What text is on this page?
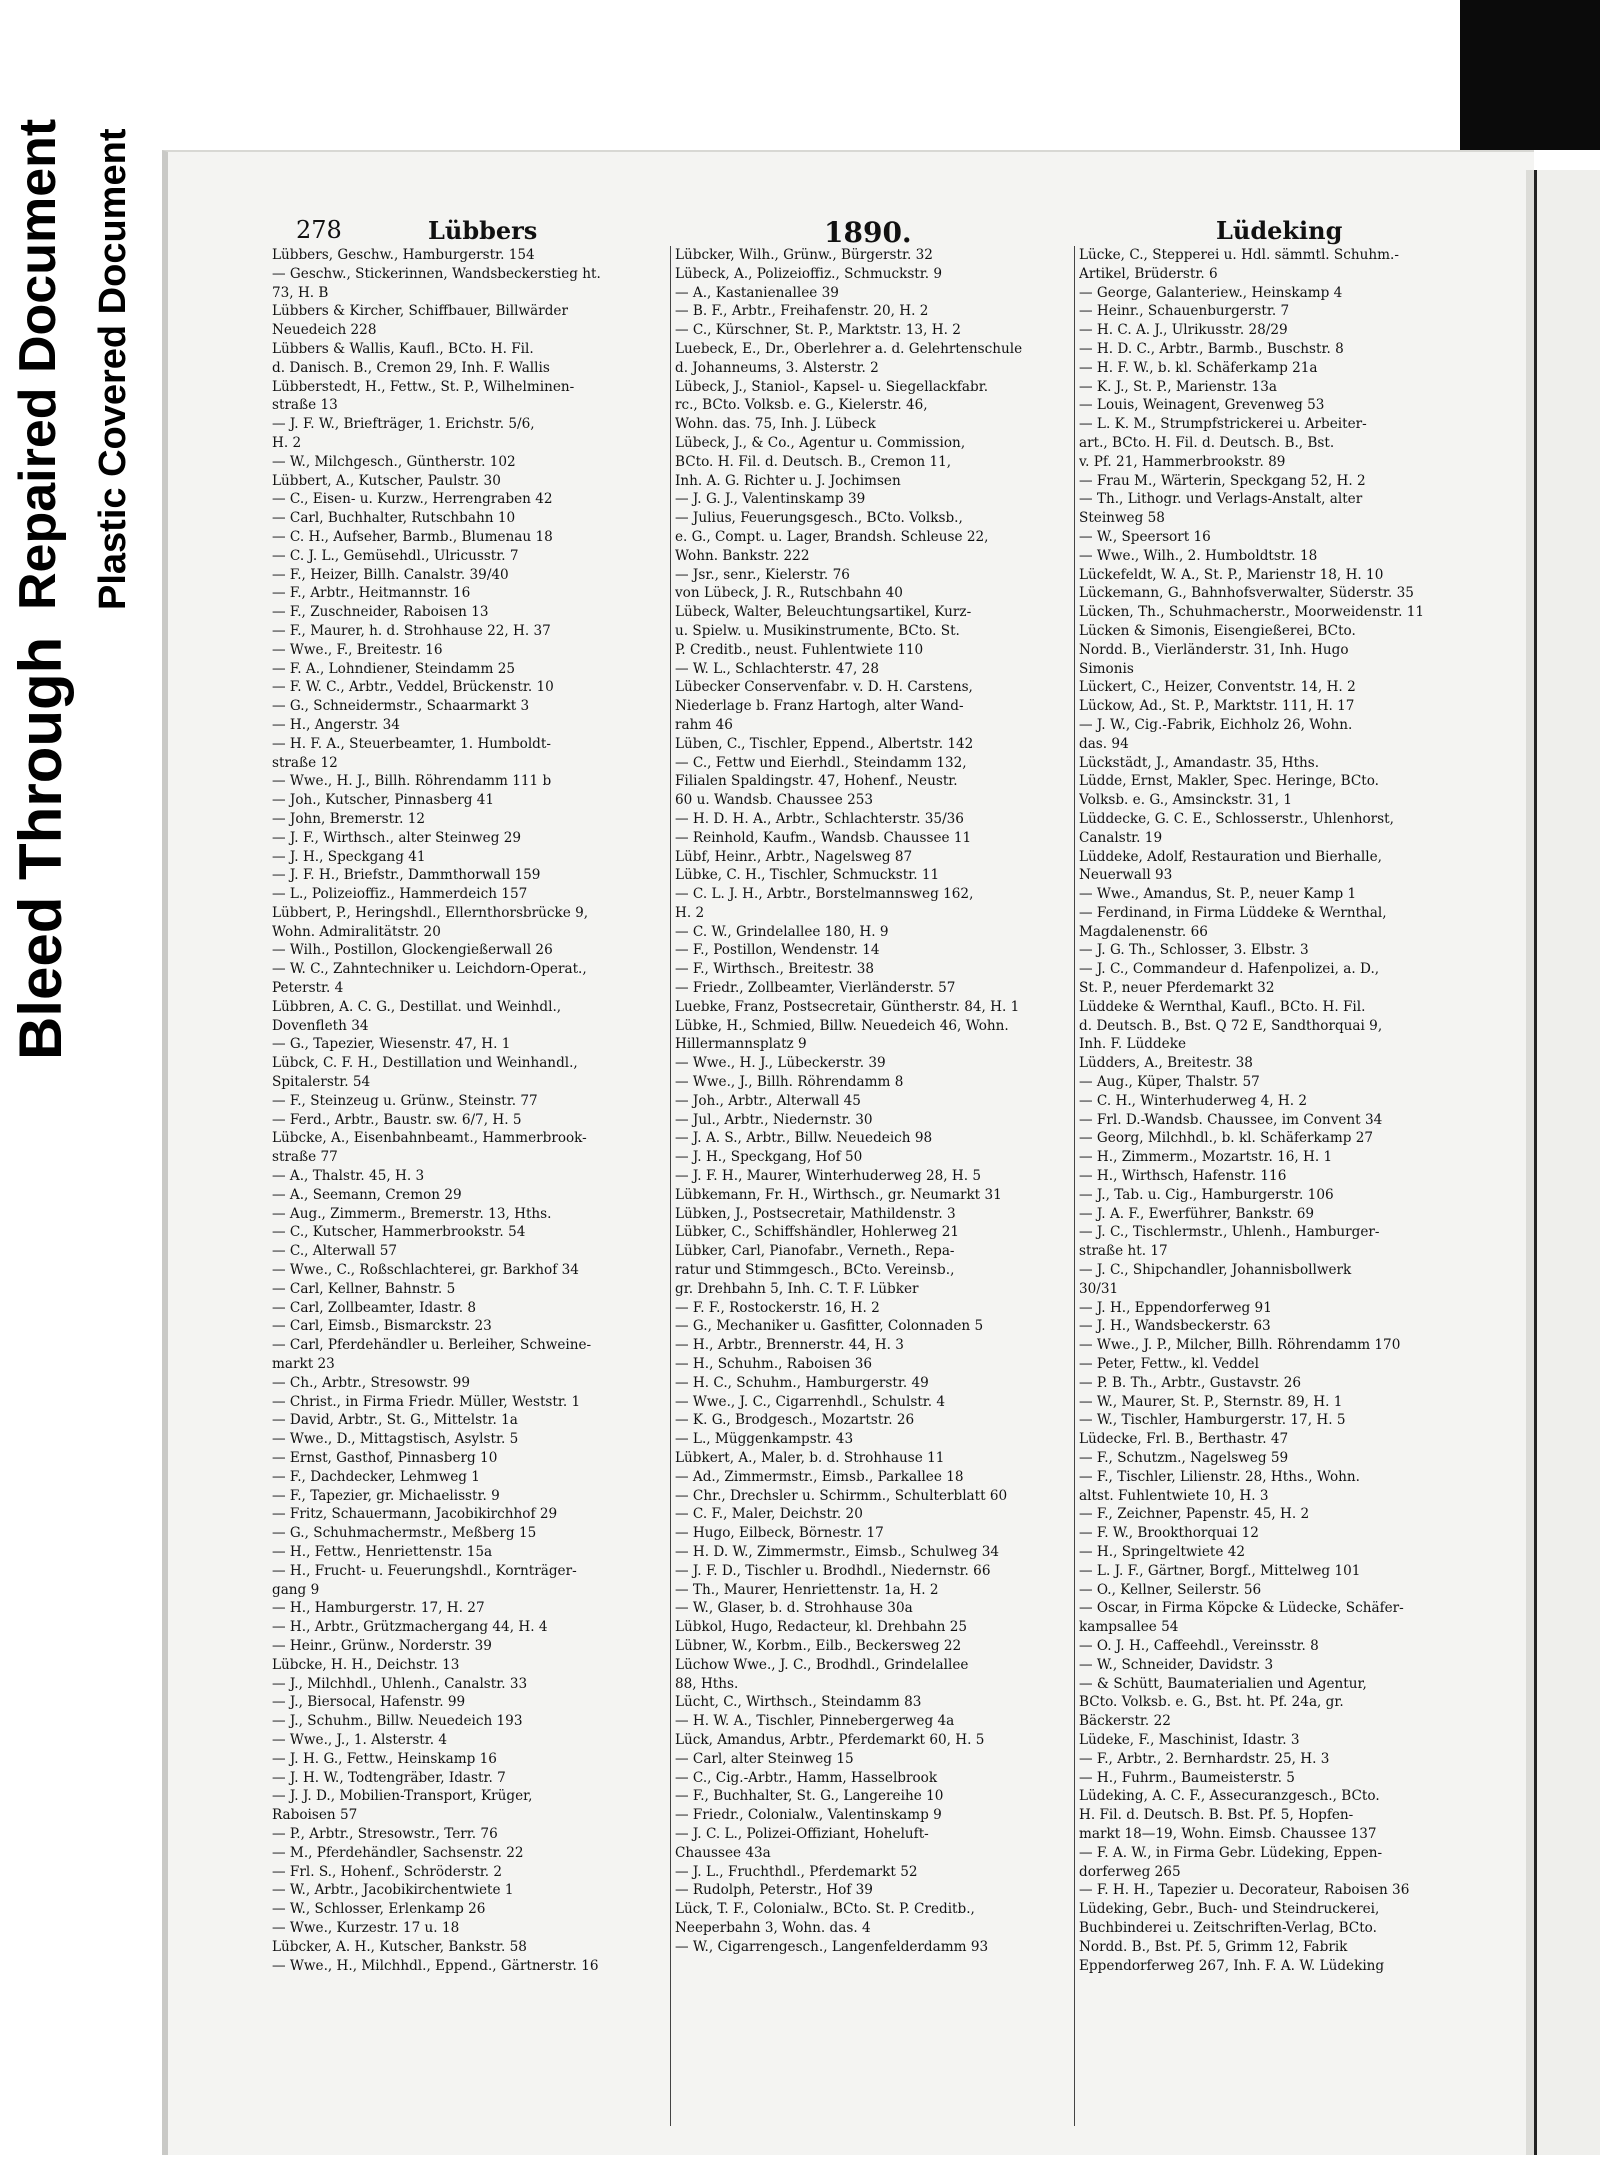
Bleed Through
Repaired Document Plastic Covered Document	278	Lübbers	1890.	Lüdeking
Lübbers, Geschw., Hamburgerstr. 154
— Geschw., Stickerinnen, Wandsbeckerstieg ht.
73, H. B
Lübbers & Kircher, Schiffbauer, Billwärder
Neuedeich 228
Lübbers & Wallis, Kaufl., BCto. H. Fil.
d. Danisch. B., Cremon 29, Inh. F. Wallis
Lübberstedt, H., Fettw., St. P., Wilhelminen-
straße 13
— J. F. W., Briefträger, 1. Erichstr. 5/6,
H. 2
— W., Milchgesch., Güntherstr. 102
Lübbert, A., Kutscher, Paulstr. 30
— C., Eisen- u. Kurzw., Herrengraben 42
— Carl, Buchhalter, Rutschbahn 10
— C. H., Aufseher, Barmb., Blumenau 18
— C. J. L., Gemüsehdl., Ulricusstr. 7
— F., Heizer, Billh. Canalstr. 39/40
— F., Arbtr., Heitmannstr. 16
— F., Zuschneider, Raboisen 13
— F., Maurer, h. d. Strohhause 22, H. 37
— Wwe., F., Breitestr. 16
— F. A., Lohndiener, Steindamm 25
— F. W. C., Arbtr., Veddel, Brückenstr. 10
— G., Schneidermstr., Schaarmarkt 3
— H., Angerstr. 34
— H. F. A., Steuerbeamter, 1. Humboldt-
straße 12
— Wwe., H. J., Billh. Röhrendamm 111 b
— Joh., Kutscher, Pinnasberg 41
— John, Bremerstr. 12
— J. F., Wirthsch., alter Steinweg 29
— J. H., Speckgang 41
— J. F. H., Briefstr., Dammthorwall 159
— L., Polizeioffiz., Hammerdeich 157
Lübbert, P., Heringshdl., Ellernthorsbrücke 9,
Wohn. Admiralitätstr. 20
— Wilh., Postillon, Glockengießerwall 26
— W. C., Zahntechniker u. Leichdorn-Operat.,
Peterstr. 4
Lübbren, A. C. G., Destillat. und Weinhdl.,
Dovenfleth 34
— G., Tapezier, Wiesenstr. 47, H. 1
Lübck, C. F. H., Destillation und Weinhandl.,
Spitalerstr. 54
— F., Steinzeug u. Grünw., Steinstr. 77
— Ferd., Arbtr., Baustr. sw. 6/7, H. 5
Lübcke, A., Eisenbahnbeamt., Hammerbrook-
straße 77
— A., Thalstr. 45, H. 3
— A., Seemann, Cremon 29
— Aug., Zimmerm., Bremerstr. 13, Hths.
— C., Kutscher, Hammerbrookstr. 54
— C., Alterwall 57
— Wwe., C., Roßschlachterei, gr. Barkhof 34
— Carl, Kellner, Bahnstr. 5
— Carl, Zollbeamter, Idastr. 8
— Carl, Eimsb., Bismarckstr. 23
— Carl, Pferdehändler u. Berleiher, Schweine-
markt 23
— Ch., Arbtr., Stresowstr. 99
— Christ., in Firma Friedr. Müller, Weststr. 1
— David, Arbtr., St. G., Mittelstr. 1a
— Wwe., D., Mittagstisch, Asylstr. 5
— Ernst, Gasthof, Pinnasberg 10
— F., Dachdecker, Lehmweg 1
— F., Tapezier, gr. Michaelisstr. 9
— Fritz, Schauermann, Jacobikirchhof 29
— G., Schuhmachermstr., Meßberg 15
— H., Fettw., Henriettenstr. 15a
— H., Frucht- u. Feuerungshdl., Kornträger-
gang 9
— H., Hamburgerstr. 17, H. 27
— H., Arbtr., Grützmachergang 44, H. 4
— Heinr., Grünw., Norderstr. 39
Lübcke, H. H., Deichstr. 13
— J., Milchhdl., Uhlenh., Canalstr. 33
— J., Biersocal, Hafenstr. 99
— J., Schuhm., Billw. Neuedeich 193
— Wwe., J., 1. Alsterstr. 4
— J. H. G., Fettw., Heinskamp 16
— J. H. W., Todtengräber, Idastr. 7
— J. J. D., Mobilien-Transport, Krüger,
Raboisen 57
— P., Arbtr., Stresowstr., Terr. 76
— M., Pferdehändler, Sachsenstr. 22
— Frl. S., Hohenf., Schröderstr. 2
— W., Arbtr., Jacobikirchentwiete 1
— W., Schlosser, Erlenkamp 26
— Wwe., Kurzestr. 17 u. 18
Lübcker, A. H., Kutscher, Bankstr. 58
— Wwe., H., Milchhdl., Eppend., Gärtnerstr. 16
Lübcker, Wilh., Grünw., Bürgerstr. 32
Lübeck, A., Polizeioffiz., Schmuckstr. 9
— A., Kastanienallee 39
— B. F., Arbtr., Freihafenstr. 20, H. 2
— C., Kürschner, St. P., Marktstr. 13, H. 2
Luebeck, E., Dr., Oberlehrer a. d. Gelehrtenschule
d. Johanneums, 3. Alsterstr. 2
Lübeck, J., Staniol-, Kapsel- u. Siegellackfabr.
rc., BCto. Volksb. e. G., Kielerstr. 46,
Wohn. das. 75, Inh. J. Lübeck
Lübeck, J., & Co., Agentur u. Commission,
BCto. H. Fil. d. Deutsch. B., Cremon 11,
Inh. A. G. Richter u. J. Jochimsen
— J. G. J., Valentinskamp 39
— Julius, Feuerungsgesch., BCto. Volksb.,
e. G., Compt. u. Lager, Brandsh. Schleuse 22,
Wohn. Bankstr. 222
— Jsr., senr., Kielerstr. 76
von Lübeck, J. R., Rutschbahn 40
Lübeck, Walter, Beleuchtungsartikel, Kurz-
u. Spielw. u. Musikinstrumente, BCto. St.
P. Creditb., neust. Fuhlentwiete 110
— W. L., Schlachterstr. 47, 28
Lübecker Conservenfabr. v. D. H. Carstens,
Niederlage b. Franz Hartogh, alter Wand-
rahm 46
Lüben, C., Tischler, Eppend., Albertstr. 142
— C., Fettw und Eierhdl., Steindamm 132,
Filialen Spaldingstr. 47, Hohenf., Neustr.
60 u. Wandsb. Chaussee 253
— H. D. H. A., Arbtr., Schlachterstr. 35/36
— Reinhold, Kaufm., Wandsb. Chaussee 11
Lübf, Heinr., Arbtr., Nagelsweg 87
Lübke, C. H., Tischler, Schmuckstr. 11
— C. L. J. H., Arbtr., Borstelmannsweg 162,
H. 2
— C. W., Grindelallee 180, H. 9
— F., Postillon, Wendenstr. 14
— F., Wirthsch., Breitestr. 38
— Friedr., Zollbeamter, Vierländerstr. 57
Luebke, Franz, Postsecretair, Güntherstr. 84, H. 1
Lübke, H., Schmied, Billw. Neuedeich 46, Wohn.
Hillermannsplatz 9
— Wwe., H. J., Lübeckerstr. 39
— Wwe., J., Billh. Röhrendamm 8
— Joh., Arbtr., Alterwall 45
— Jul., Arbtr., Niedernstr. 30
— J. A. S., Arbtr., Billw. Neuedeich 98
— J. H., Speckgang, Hof 50
— J. F. H., Maurer, Winterhuderweg 28, H. 5
Lübkemann, Fr. H., Wirthsch., gr. Neumarkt 31
Lübken, J., Postsecretair, Mathildenstr. 3
Lübker, C., Schiffshändler, Hohlerweg 21
Lübker, Carl, Pianofabr., Verneth., Repa-
ratur und Stimmgesch., BCto. Vereinsb.,
gr. Drehbahn 5, Inh. C. T. F. Lübker
— F. F., Rostockerstr. 16, H. 2
— G., Mechaniker u. Gasfitter, Colonnaden 5
— H., Arbtr., Brennerstr. 44, H. 3
— H., Schuhm., Raboisen 36
— H. C., Schuhm., Hamburgerstr. 49
— Wwe., J. C., Cigarrenhdl., Schulstr. 4
— K. G., Brodgesch., Mozartstr. 26
— L., Müggenkampstr. 43
Lübkert, A., Maler, b. d. Strohhause 11
— Ad., Zimmermstr., Eimsb., Parkallee 18
— Chr., Drechsler u. Schirmm., Schulterblatt 60
— C. F., Maler, Deichstr. 20
— Hugo, Eilbeck, Börnestr. 17
— H. D. W., Zimmermstr., Eimsb., Schulweg 34
— J. F. D., Tischler u. Brodhdl., Niedernstr. 66
— Th., Maurer, Henriettenstr. 1a, H. 2
— W., Glaser, b. d. Strohhause 30a
Lübkol, Hugo, Redacteur, kl. Drehbahn 25
Lübner, W., Korbm., Eilb., Beckersweg 22
Lüchow Wwe., J. C., Brodhdl., Grindelallee
88, Hths.
Lücht, C., Wirthsch., Steindamm 83
— H. W. A., Tischler, Pinnebergerweg 4a
Lück, Amandus, Arbtr., Pferdemarkt 60, H. 5
— Carl, alter Steinweg 15
— C., Cig.-Arbtr., Hamm, Hasselbrook
— F., Buchhalter, St. G., Langereihe 10
— Friedr., Colonialw., Valentinskamp 9
— J. C. L., Polizei-Offiziant, Hoheluft-
Chaussee 43a
— J. L., Fruchthdl., Pferdemarkt 52
— Rudolph, Peterstr., Hof 39
Lück, T. F., Colonialw., BCto. St. P. Creditb.,
Neeperbahn 3, Wohn. das. 4
— W., Cigarrengesch., Langenfelderdamm 93
Lücke, C., Stepperei u. Hdl. sämmtl. Schuhm.-
Artikel, Brüderstr. 6
— George, Galanteriew., Heinskamp 4
— Heinr., Schauenburgerstr. 7
— H. C. A. J., Ulrikusstr. 28/29
— H. D. C., Arbtr., Barmb., Buschstr. 8
— H. F. W., b. kl. Schäferkamp 21a
— K. J., St. P., Marienstr. 13a
— Louis, Weinagent, Grevenweg 53
— L. K. M., Strumpfstrickerei u. Arbeiter-
art., BCto. H. Fil. d. Deutsch. B., Bst.
v. Pf. 21, Hammerbrookstr. 89
— Frau M., Wärterin, Speckgang 52, H. 2
— Th., Lithogr. und Verlags-Anstalt, alter
Steinweg 58
— W., Speersort 16
— Wwe., Wilh., 2. Humboldtstr. 18
Lückefeldt, W. A., St. P., Marienstr 18, H. 10
Lückemann, G., Bahnhofsverwalter, Süderstr. 35
Lücken, Th., Schuhmacherstr., Moorweidenstr. 11
Lücken & Simonis, Eisengießerei, BCto.
Nordd. B., Vierländerstr. 31, Inh. Hugo
Simonis
Lückert, C., Heizer, Conventstr. 14, H. 2
Lückow, Ad., St. P., Marktstr. 111, H. 17
— J. W., Cig.-Fabrik, Eichholz 26, Wohn.
das. 94
Lückstädt, J., Amandastr. 35, Hths.
Lüdde, Ernst, Makler, Spec. Heringe, BCto.
Volksb. e. G., Amsinckstr. 31, 1
Lüddecke, G. C. E., Schlosserstr., Uhlenhorst,
Canalstr. 19
Lüddeke, Adolf, Restauration und Bierhalle,
Neuerwall 93
— Wwe., Amandus, St. P., neuer Kamp 1
— Ferdinand, in Firma Lüddeke & Wernthal,
Magdalenenstr. 66
— J. G. Th., Schlosser, 3. Elbstr. 3
— J. C., Commandeur d. Hafenpolizei, a. D.,
St. P., neuer Pferdemarkt 32
Lüddeke & Wernthal, Kaufl., BCto. H. Fil.
d. Deutsch. B., Bst. Q 72 E, Sandthorquai 9,
Inh. F. Lüddeke
Lüdders, A., Breitestr. 38
— Aug., Küper, Thalstr. 57
— C. H., Winterhuderweg 4, H. 2
— Frl. D.-Wandsb. Chaussee, im Convent 34
— Georg, Milchhdl., b. kl. Schäferkamp 27
— H., Zimmerm., Mozartstr. 16, H. 1
— H., Wirthsch, Hafenstr. 116
— J., Tab. u. Cig., Hamburgerstr. 106
— J. A. F., Ewerführer, Bankstr. 69
— J. C., Tischlermstr., Uhlenh., Hamburger-
straße ht. 17
— J. C., Shipchandler, Johannisbollwerk
30/31
— J. H., Eppendorferweg 91
— J. H., Wandsbeckerstr. 63
— Wwe., J. P., Milcher, Billh. Röhrendamm 170
— Peter, Fettw., kl. Veddel
— P. B. Th., Arbtr., Gustavstr. 26
— W., Maurer, St. P., Sternstr. 89, H. 1
— W., Tischler, Hamburgerstr. 17, H. 5
Lüdecke, Frl. B., Berthastr. 47
— F., Schutzm., Nagelsweg 59
— F., Tischler, Lilienstr. 28, Hths., Wohn.
altst. Fuhlentwiete 10, H. 3
— F., Zeichner, Papenstr. 45, H. 2
— F. W., Brookthorquai 12
— H., Springeltwiete 42
— L. J. F., Gärtner, Borgf., Mittelweg 101
— O., Kellner, Seilerstr. 56
— Oscar, in Firma Köpcke & Lüdecke, Schäfer-
kampsallee 54
— O. J. H., Caffeehdl., Vereinsstr. 8
— W., Schneider, Davidstr. 3
— & Schütt, Baumaterialien und Agentur,
BCto. Volksb. e. G., Bst. ht. Pf. 24a, gr.
Bäckerstr. 22
Lüdeke, F., Maschinist, Idastr. 3
— F., Arbtr., 2. Bernhardstr. 25, H. 3
— H., Fuhrm., Baumeisterstr. 5
Lüdeking, A. C. F., Assecuranzgesch., BCto.
H. Fil. d. Deutsch. B. Bst. Pf. 5, Hopfen-
markt 18—19, Wohn. Eimsb. Chaussee 137
— F. A. W., in Firma Gebr. Lüdeking, Eppen-
dorferweg 265
— F. H. H., Tapezier u. Decorateur, Raboisen 36
Lüdeking, Gebr., Buch- und Steindruckerei,
Buchbinderei u. Zeitschriften-Verlag, BCto.
Nordd. B., Bst. Pf. 5, Grimm 12, Fabrik
Eppendorferweg 267, Inh. F. A. W. Lüdeking
